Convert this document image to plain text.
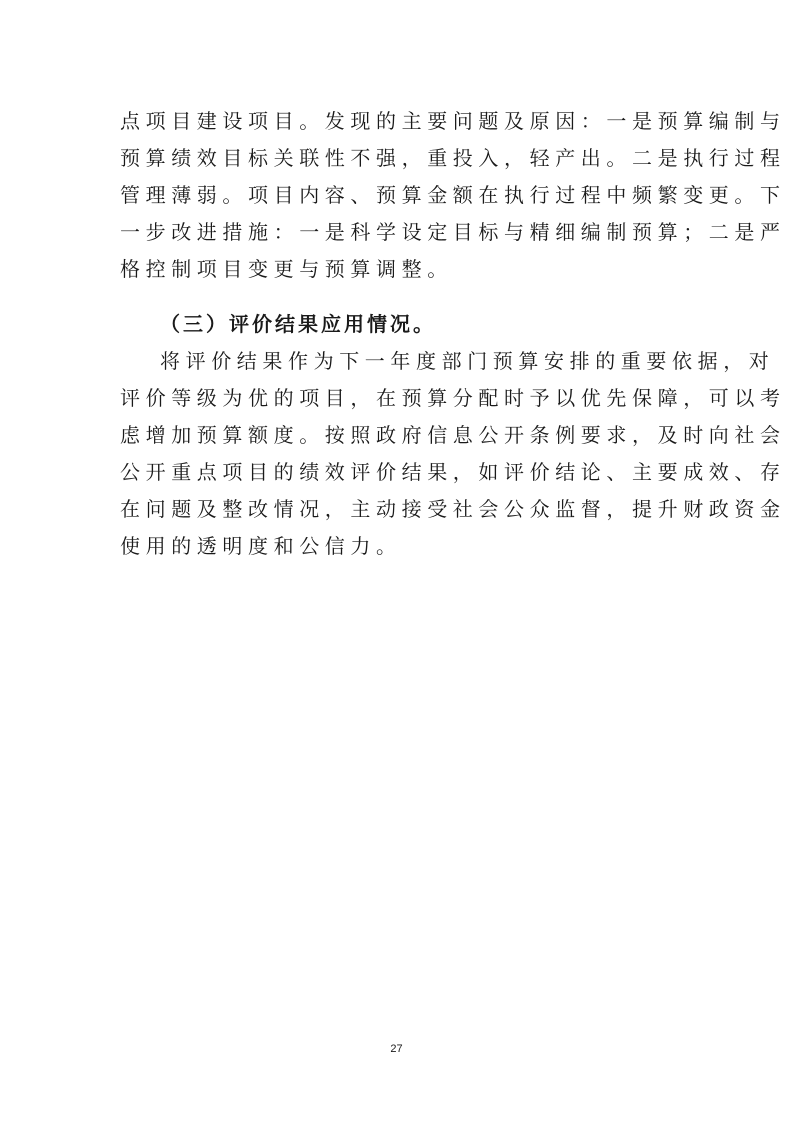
点项目建设项目。发现的主要问题及原因：一是预算编制与
预算绩效目标关联性不强，重投入，轻产出。二是执行过程
管理薄弱。项目内容、预算金额在执行过程中频繁变更。下
一步改进措施：一是科学设定目标与精细编制预算；二是严
格控制项目变更与预算调整。
（三）评价结果应用情况。
将评价结果作为下一年度部门预算安排的重要依据，对
评价等级为优的项目，在预算分配时予以优先保障，可以考
虑增加预算额度。按照政府信息公开条例要求，及时向社会
公开重点项目的绩效评价结果，如评价结论、主要成效、存
在问题及整改情况，主动接受社会公众监督，提升财政资金
使用的透明度和公信力。
27
